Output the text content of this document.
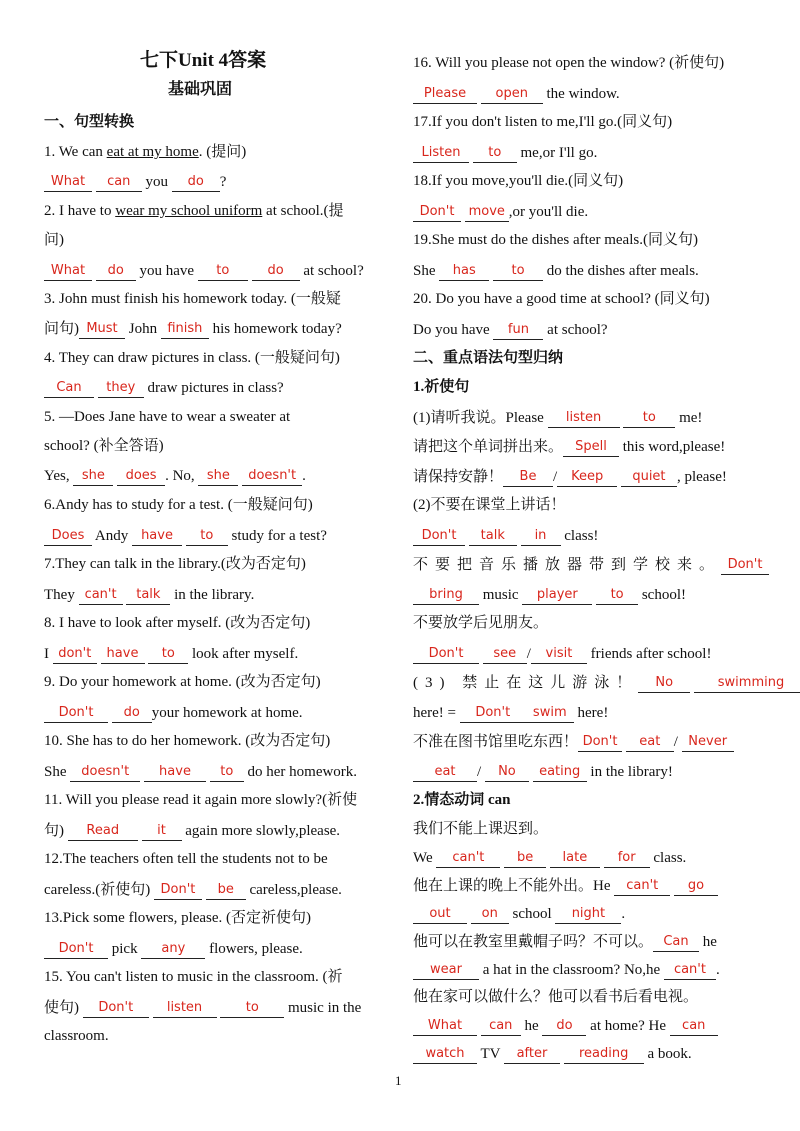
七下Unit 4答案
基础巩固
一、句型转换
1. We can eat at my home. (提问)
What can you do ?
2. I have to wear my school uniform at school.(提
问)
What do you have to	do at school?
3. John must finish his homework today. (一般疑
问句) Must John finish his homework today?
4. They can draw pictures in class. (一般疑问句)
Can they draw pictures in class?
5. —Does Jane have to wear a sweater at
school? (补全答语)
Yes, she does . No, she doesn't .
6.Andy has to study for a test. (一般疑问句)
Does Andy have to study for a test?
7.They can talk in the library.(改为否定句)
They can't talk in the library.
8. I have to look after myself. (改为否定句)
I don't have to look after myself.
9. Do your homework at home. (改为否定句)
Don't do your homework at home.
10. She has to do her homework. (改为否定句)
She doesn't have to do her homework.
11. Will you please read it again more slowly?(祈使
句) Read	it again more slowly,please.
12.The teachers often tell the students not to be
careless.(祈使句) Don't be careless,please.
13.Pick some flowers, please. (否定祈使句)
Don't pick any flowers, please.
15. You can't listen to music in the classroom. (祈
使句) Don't	listen	to music in the
classroom.
16. Will you please not open the window? (祈使句)
Please open the window.
17.If you don't listen to me,I'll go.(同义句)
Listen to me,or I'll go.
18.If you move,you'll die.(同义句)
Don't move ,or you'll die.
19.She must do the dishes after meals.(同义句)
She has	to do the dishes after meals.
20. Do you have a good time at school? (同义句)
Do you have fun at school?
二、重点语法句型归纳
1.祈使句
(1)请听我说。Please listen	to me!
请把这个单词拼出来。 Spell this word,please!
请保持安静！ Be / Keep quiet , please!
(2)不要在课堂上讲话！
Don't talk in class!
不要把音乐播放器带到学校来。 Don't
bring music player	to school!
不要放学后见朋友。
Don't see / visit friends after school!
(3) 禁止在这儿游泳！ No	swimming
here! = Don't swim here!
不准在图书馆里吃东西！ Don't eat / Never
eat / No eating in the library!
2.情态动词 can
我们不能上课迟到。
We can't	be late for class.
他在上课的晚上不能外出。He can't go
out on school night .
他可以在教室里戴帽子吗？不可以。 Can he
wear a hat in the classroom? No,he can't .
他在家可以做什么？他可以看书后看电视。
What can he do at home? He can
watch TV after reading a book.
1
